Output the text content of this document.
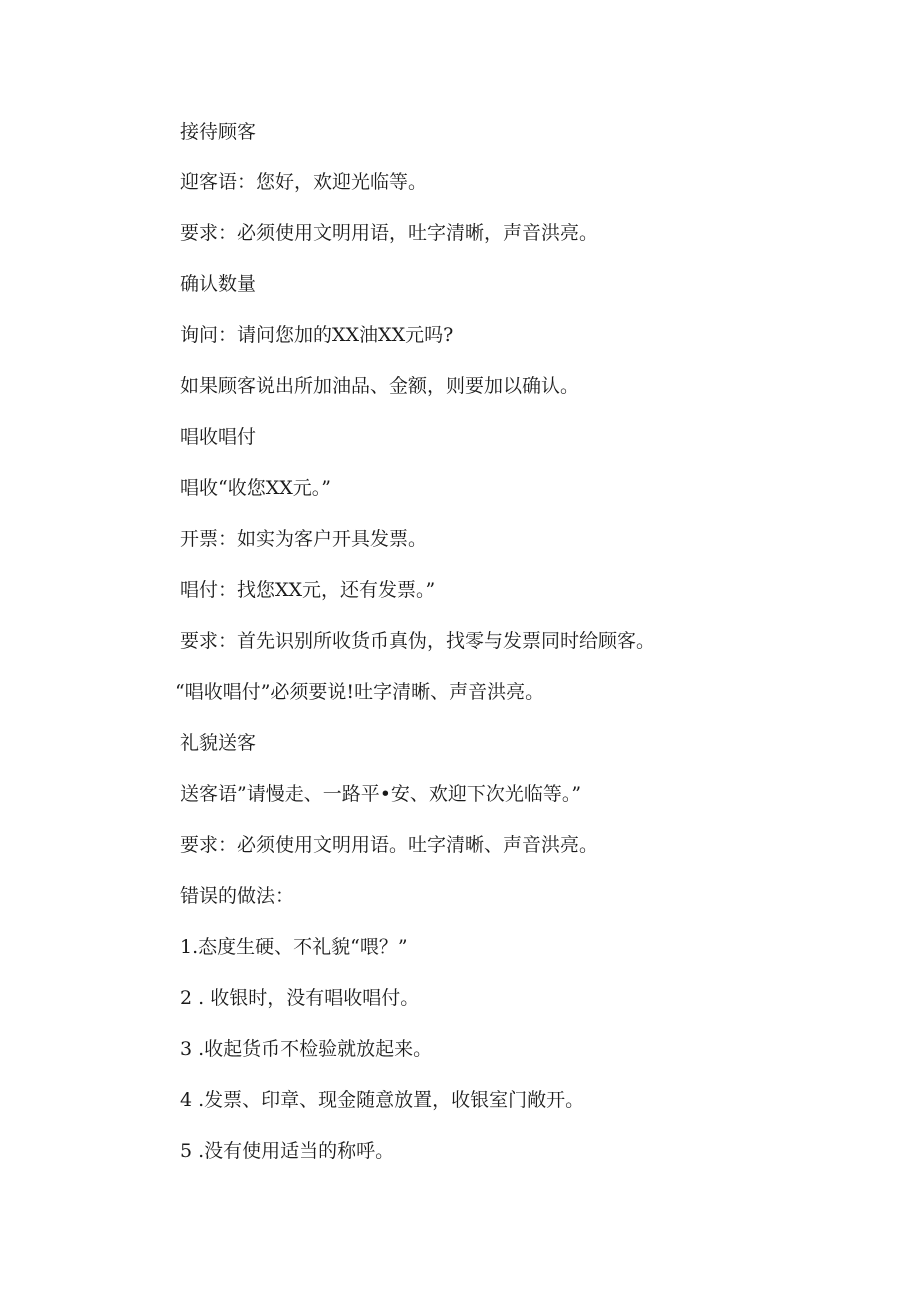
接待顾客

迎客语：您好，欢迎光临等。

要求：必须使用文明用语，吐字清晰，声音洪亮。

确认数量

询问：请问您加的XX油XX元吗?

如果顾客说出所加油品、金额，则要加以确认。

唱收唱付

唱收“收您XX元。”

开票：如实为客户开具发票。

唱付：找您XX元，还有发票。”

要求：首先识别所收货币真伪，找零与发票同时给顾客。

“唱收唱付”必须要说!吐字清晰、声音洪亮。

礼貌送客

送客语”请慢走、一路平•安、欢迎下次光临等。”

要求：必须使用文明用语。吐字清晰、声音洪亮。

错误的做法：

1.态度生硬、不礼貌“喂？”

2 . 收银时，没有唱收唱付。

3 .收起货币不检验就放起来。

4 .发票、印章、现金随意放置，收银室门敞开。

5 .没有使用适当的称呼。
